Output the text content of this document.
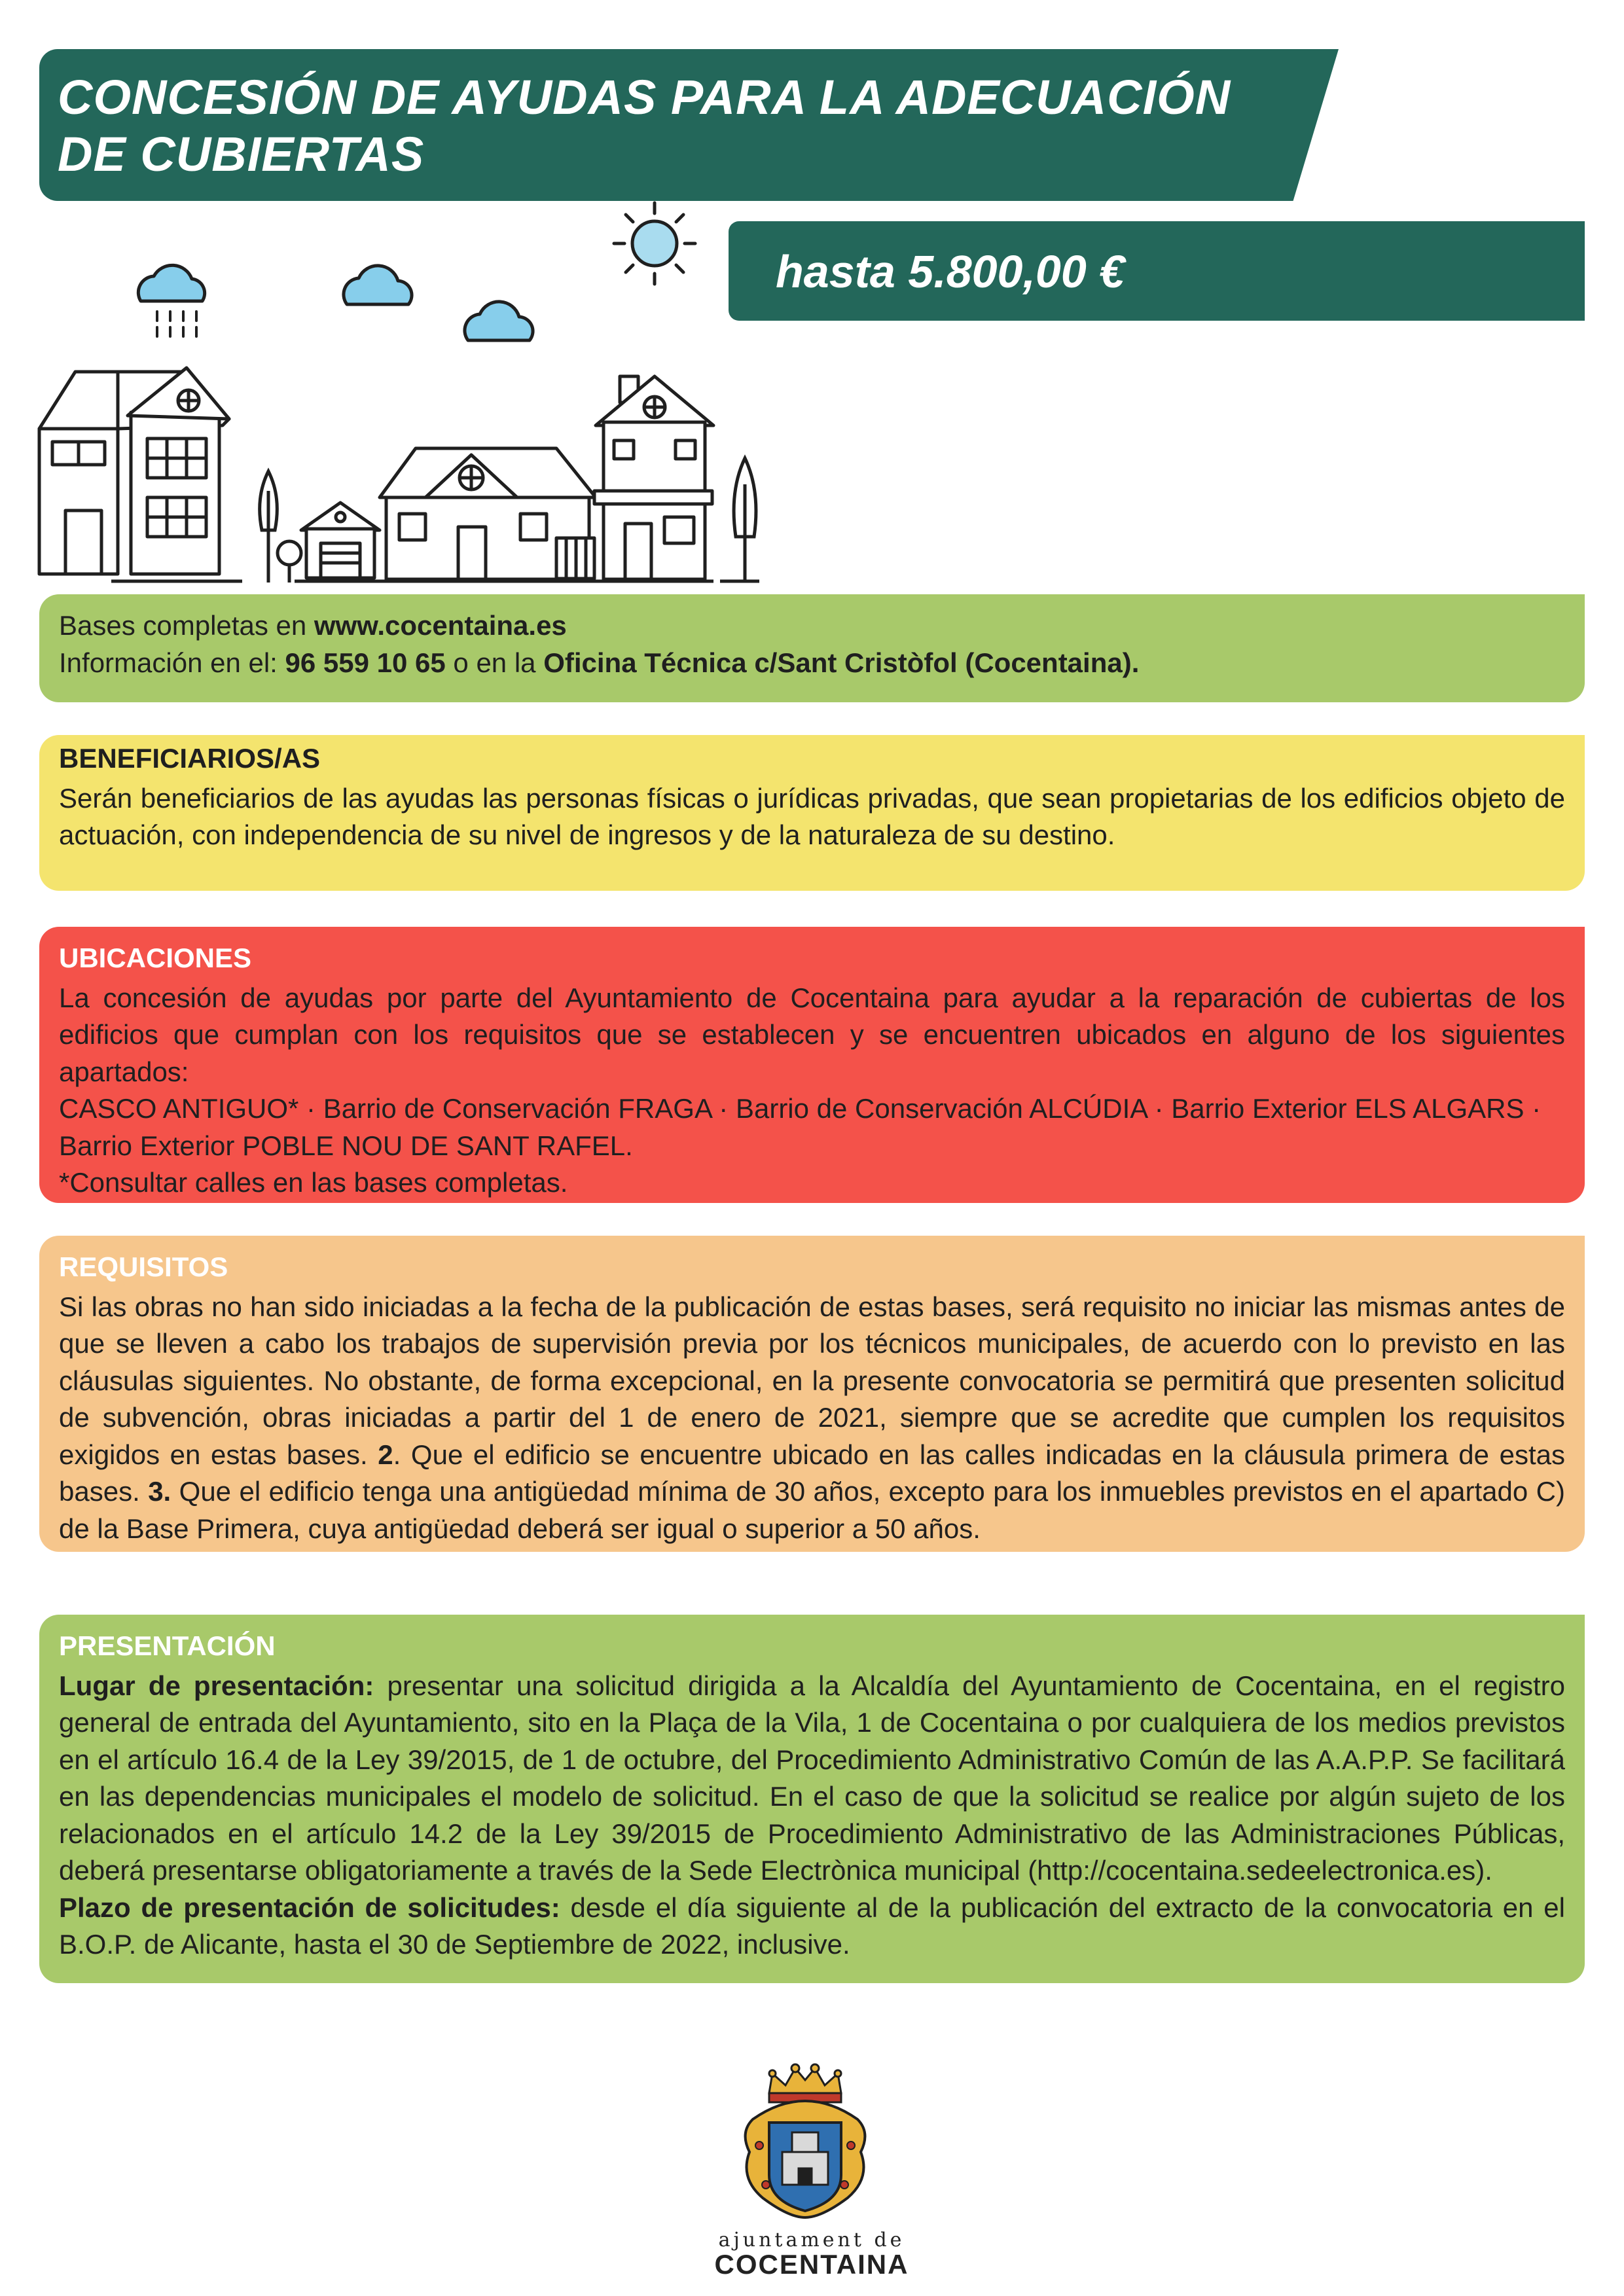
CONCESIÓN DE AYUDAS PARA LA ADECUACIÓN
DE CUBIERTAS
hasta 5.800,00 €

Bases completas en www.cocentaina.es

Información en el: 96 559 10 65 o en la Oficina Técnica c/Sant Cristòfol (Cocentaina).

BENEFICIARIOS/AS

Serán beneficiarios de las ayudas las personas físicas o jurídicas privadas, que sean propietarias de los edificios objeto de actuación, con independencia de su nivel de ingresos y de la naturaleza de su destino.

UBICACIONES

La concesión de ayudas por parte del Ayuntamiento de Cocentaina para ayudar a la reparación de cubiertas de los edificios que cumplan con los requisitos que se establecen y se encuentren ubicados en alguno de los siguientes apartados:

CASCO ANTIGUO* · Barrio de Conservación FRAGA · Barrio de Conservación ALCÚDIA · Barrio Exterior ELS ALGARS ·

Barrio Exterior POBLE NOU DE SANT RAFEL.

*Consultar calles en las bases completas.

REQUISITOS

Si las obras no han sido iniciadas a la fecha de la publicación de estas bases, será requisito no iniciar las mismas antes de que se lleven a cabo los trabajos de supervisión previa por los técnicos municipales, de acuerdo con lo previsto en las cláusulas siguientes. No obstante, de forma excepcional, en la presente convocatoria se permitirá que presenten solicitud de subvención, obras iniciadas a partir del 1 de enero de 2021, siempre que se acredite que cumplen los requisitos exigidos en estas bases. 2. Que el edificio se encuentre ubicado en las calles indicadas en la cláusula primera de estas bases. 3. Que el edificio tenga una antigüedad mínima de 30 años, excepto para los inmuebles previstos en el apartado C) de la Base Primera, cuya antigüedad deberá ser igual o superior a 50 años.

PRESENTACIÓN

Lugar de presentación: presentar una solicitud dirigida a la Alcaldía del Ayuntamiento de Cocentaina, en el registro general de entrada del Ayuntamiento, sito en la Plaça de la Vila, 1 de Cocentaina o por cualquiera de los medios previstos en el artículo 16.4 de la Ley 39/2015, de 1 de octubre, del Procedimiento Administrativo Común de las A.A.P.P. Se facilitará en las dependencias municipales el modelo de solicitud. En el caso de que la solicitud se realice por algún sujeto de los relacionados en el artículo 14.2 de la Ley 39/2015 de Procedimiento Administrativo de las Administraciones Públicas, deberá presentarse obligatoriamente a través de la Sede Electrònica municipal (http://cocentaina.sedeelectronica.es).

Plazo de presentación de solicitudes: desde el día siguiente al de la publicación del extracto de la convocatoria en el B.O.P. de Alicante, hasta el 30 de Septiembre de 2022, inclusive.

ajuntament de
COCENTAINA
